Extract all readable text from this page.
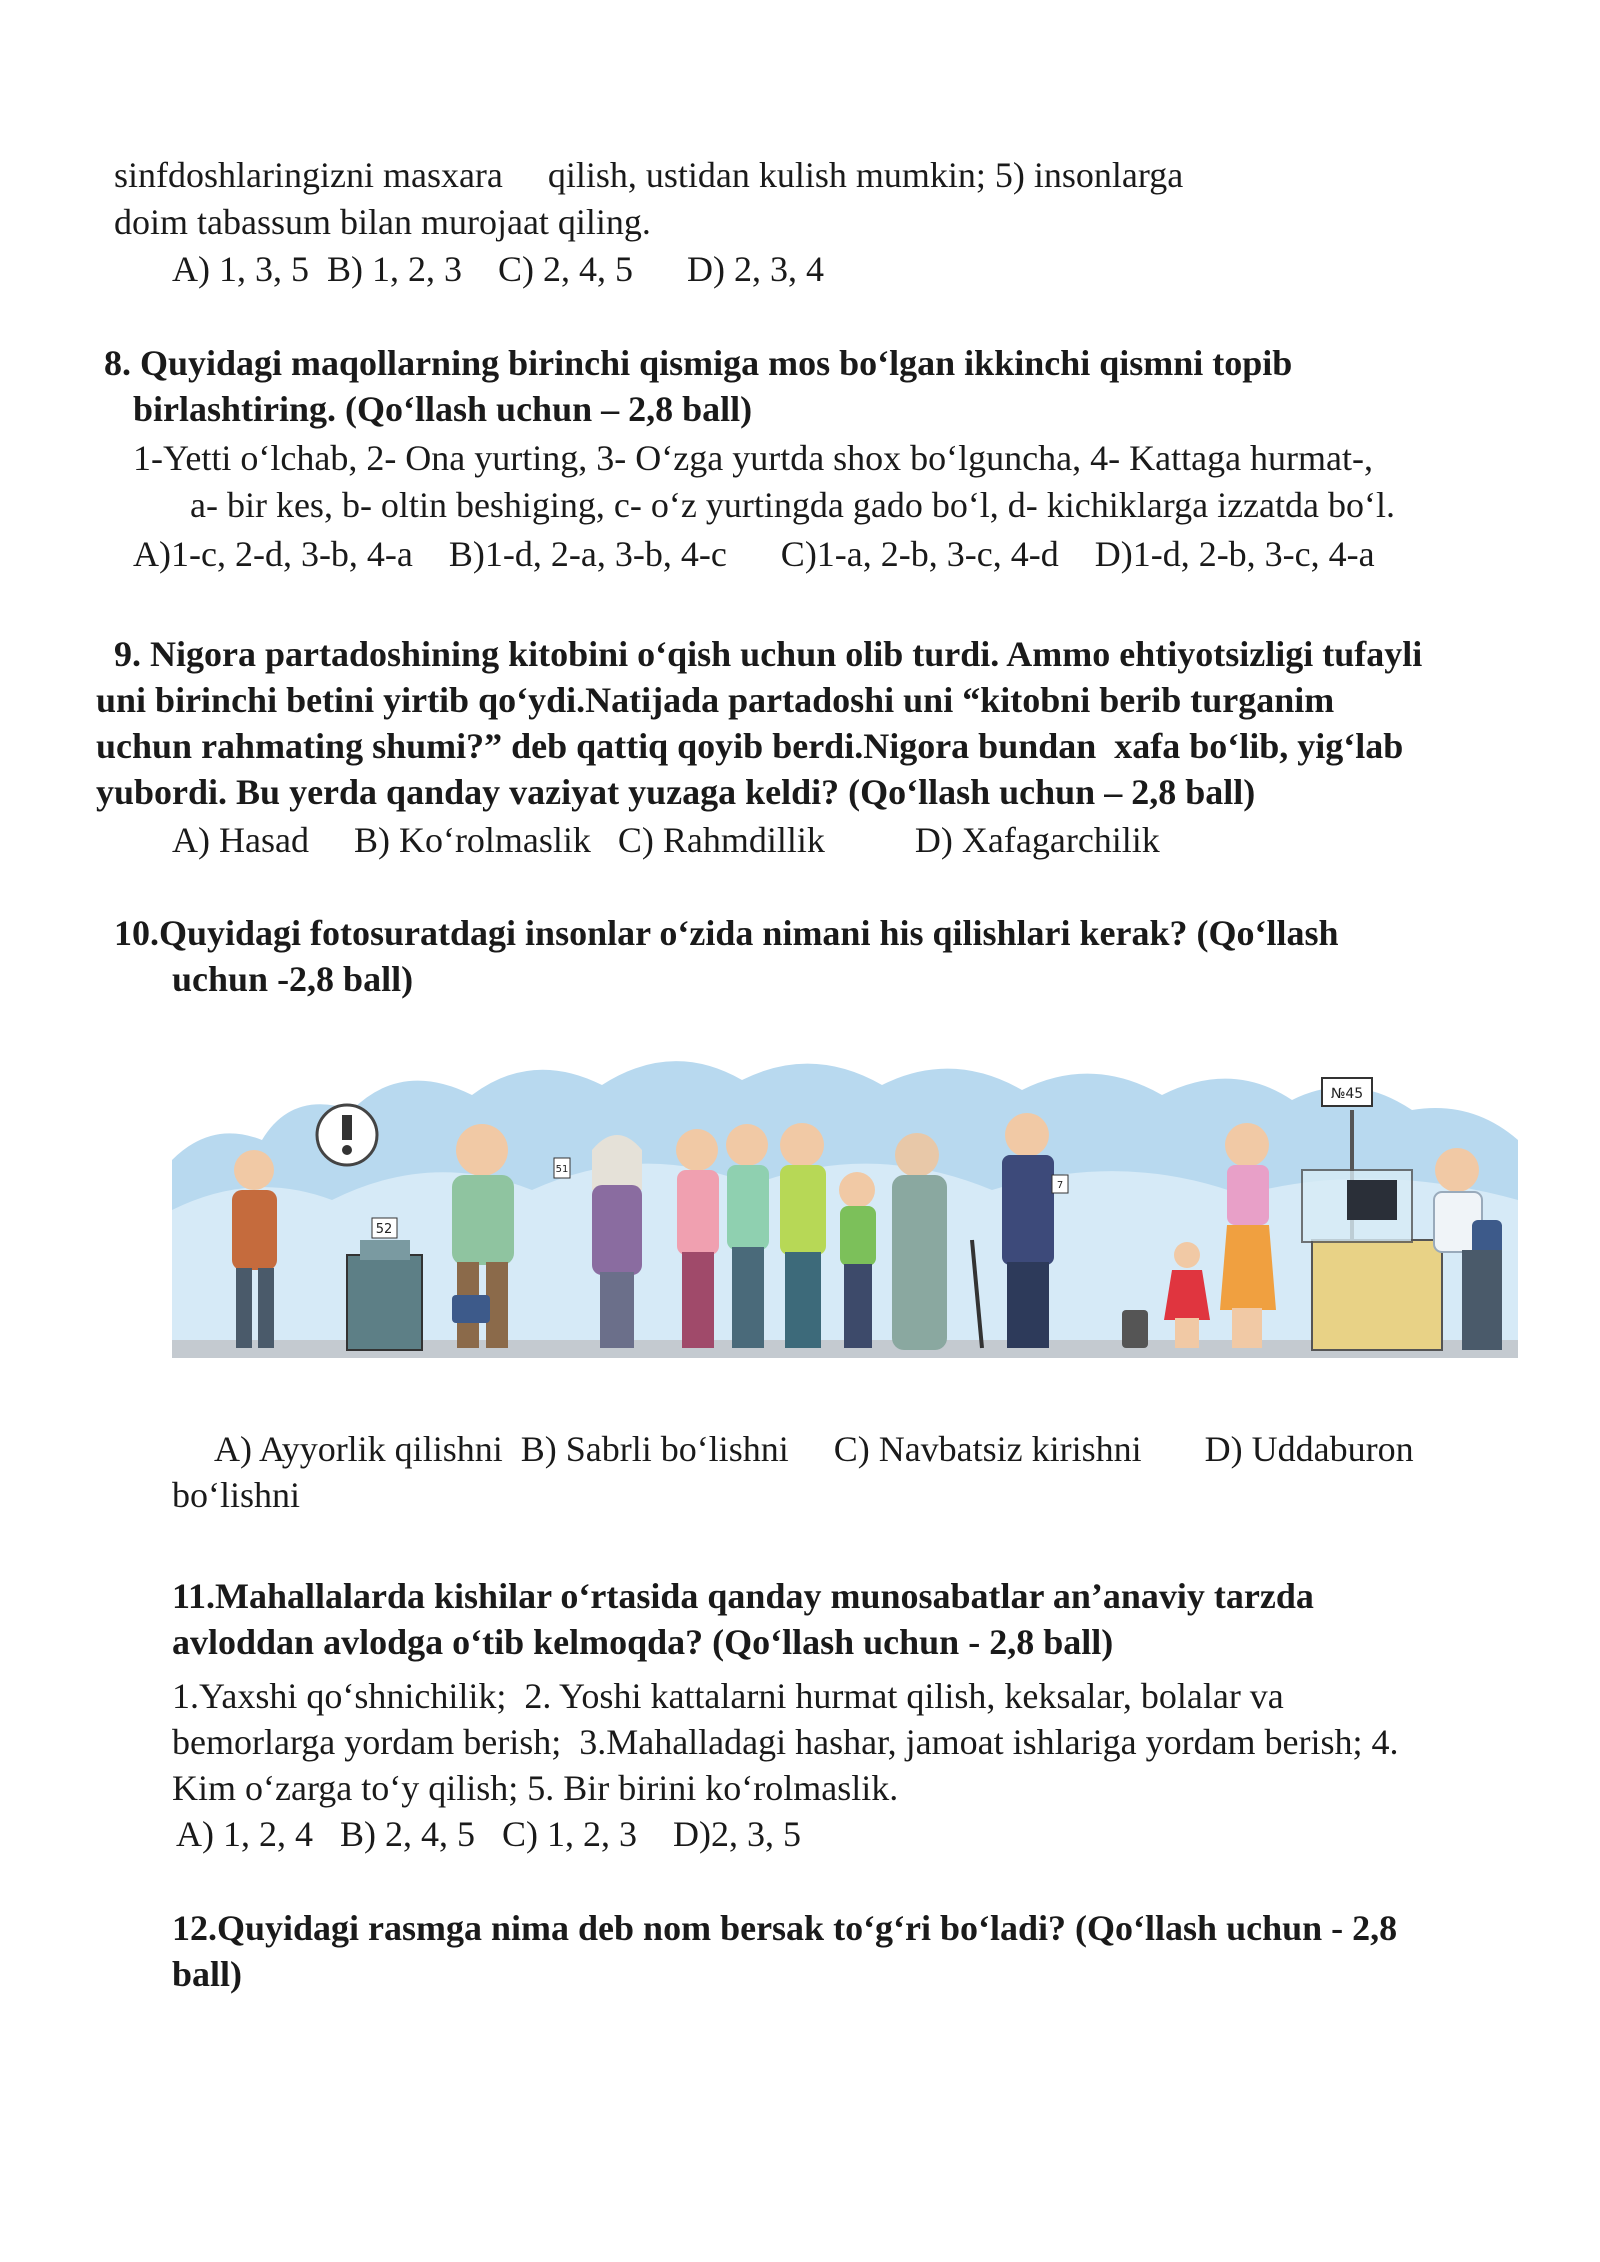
sinfdoshlaringizni masxara     qilish, ustidan kulish mumkin; 5) insonlarga
doim tabassum bilan murojaat qiling.
A) 1, 3, 5  B) 1, 2, 3    C) 2, 4, 5      D) 2, 3, 4
8. Quyidagi maqollarning birinchi qismiga mos bo‘lgan ikkinchi qismni topib
birlashtiring. (Qo‘llash uchun – 2,8 ball)
1-Yetti o‘lchab, 2- Ona yurting, 3- O‘zga yurtda shox bo‘lguncha, 4- Kattaga hurmat-,
a- bir kes, b- oltin beshiging, c- o‘z yurtingda gado bo‘l, d- kichiklarga izzatda bo‘l.
A)1-c, 2-d, 3-b, 4-a    B)1-d, 2-a, 3-b, 4-c      C)1-a, 2-b, 3-c, 4-d    D)1-d, 2-b, 3-c, 4-a
9. Nigora partadoshining kitobini o‘qish uchun olib turdi. Ammo ehtiyotsizligi tufayli
uni birinchi betini yirtib qo‘ydi.Natijada partadoshi uni “kitobni berib turganim
uchun rahmating shumi?” deb qattiq qoyib berdi.Nigora bundan  xafa bo‘lib, yig‘lab
yubordi. Bu yerda qanday vaziyat yuzaga keldi? (Qo‘llash uchun – 2,8 ball)
A) Hasad     B) Ko‘rolmaslik   C) Rahmdillik          D) Xafagarchilik
10.Quyidagi fotosuratdagi insonlar o‘zida nimani his qilishlari kerak? (Qo‘llash
uchun -2,8 ball)
52
51
7
№45
A) Ayyorlik qilishni  B) Sabrli bo‘lishni     C) Navbatsiz kirishni       D) Uddaburon
bo‘lishni
11.Mahallalarda kishilar o‘rtasida qanday munosabatlar an’anaviy tarzda
avloddan avlodga o‘tib kelmoqda? (Qo‘llash uchun - 2,8 ball)
1.Yaxshi qo‘shnichilik;  2. Yoshi kattalarni hurmat qilish, keksalar, bolalar va
bemorlarga yordam berish;  3.Mahalladagi hashar, jamoat ishlariga yordam berish; 4.
Kim o‘zarga to‘y qilish; 5. Bir birini ko‘rolmaslik.
A) 1, 2, 4   B) 2, 4, 5   C) 1, 2, 3    D)2, 3, 5
12.Quyidagi rasmga nima deb nom bersak to‘g‘ri bo‘ladi? (Qo‘llash uchun - 2,8
ball)
